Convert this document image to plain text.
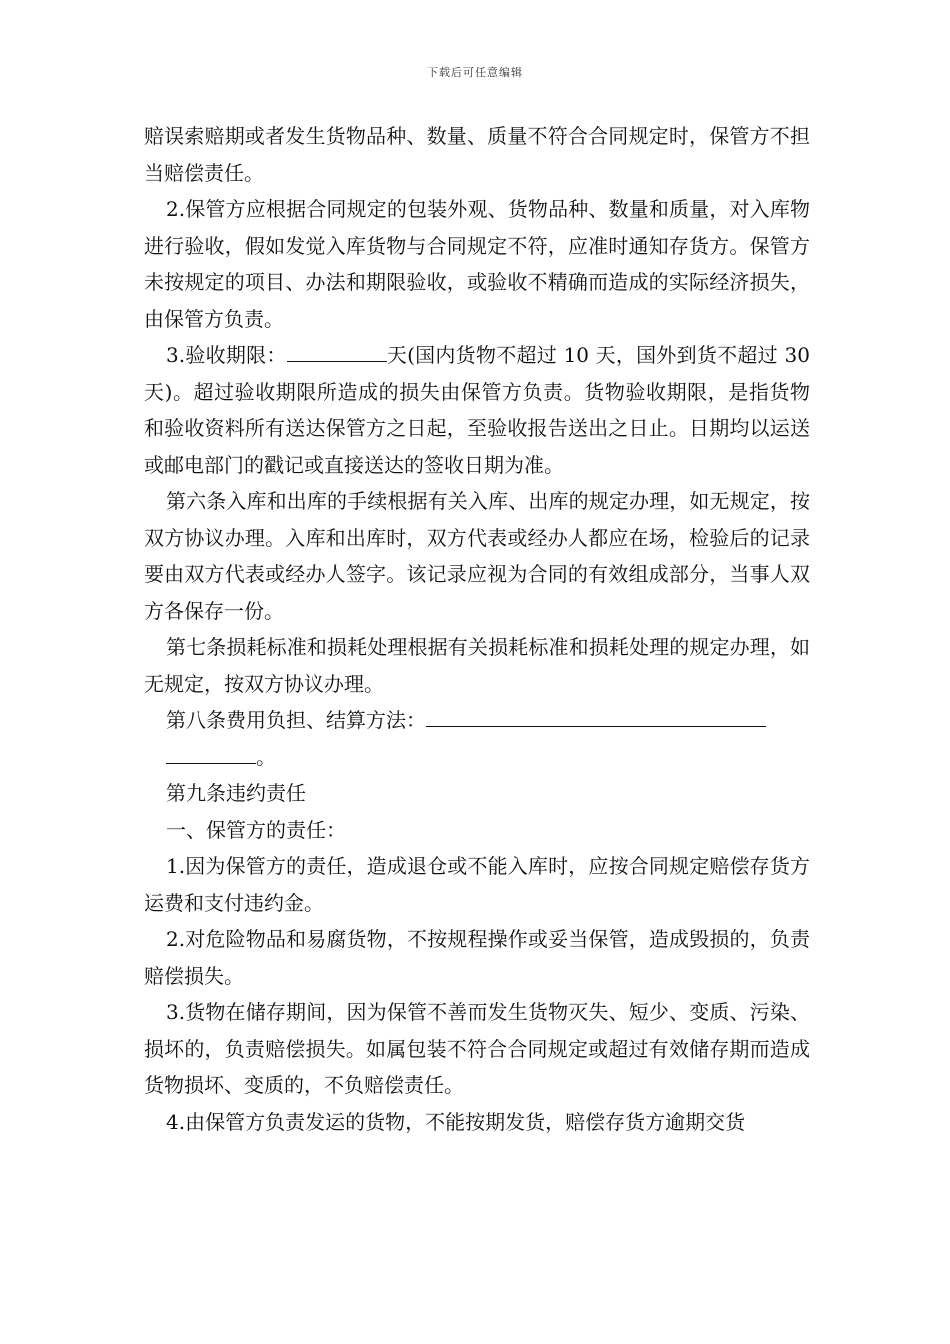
下载后可任意编辑

赔误索赔期或者发生货物品种、数量、质量不符合合同规定时，保管方不担当赔偿责任。

2.保管方应根据合同规定的包装外观、货物品种、数量和质量，对入库物进行验收，假如发觉入库货物与合同规定不符，应准时通知存货方。保管方未按规定的项目、办法和期限验收，或验收不精确而造成的实际经济损失，由保管方负责。

3.验收期限：	天(国内货物不超过 10 天，国外到货不超过 30 天)。超过验收期限所造成的损失由保管方负责。货物验收期限，是指货物和验收资料所有送达保管方之日起，至验收报告送出之日止。日期均以运送或邮电部门的戳记或直接送达的签收日期为准。

第六条入库和出库的手续根据有关入库、出库的规定办理，如无规定，按双方协议办理。入库和出库时，双方代表或经办人都应在场，检验后的记录要由双方代表或经办人签字。该记录应视为合同的有效组成部分，当事人双方各保存一份。

第七条损耗标准和损耗处理根据有关损耗标准和损耗处理的规定办理，如无规定，按双方协议办理。

第八条费用负担、结算方法：
。

第九条违约责任

一、保管方的责任：

1.因为保管方的责任，造成退仓或不能入库时，应按合同规定赔偿存货方运费和支付违约金。

2.对危险物品和易腐货物，不按规程操作或妥当保管，造成毁损的，负责赔偿损失。

3.货物在储存期间，因为保管不善而发生货物灭失、短少、变质、污染、损坏的，负责赔偿损失。如属包装不符合合同规定或超过有效储存期而造成货物损坏、变质的，不负赔偿责任。

4.由保管方负责发运的货物，不能按期发货，赔偿存货方逾期交货
